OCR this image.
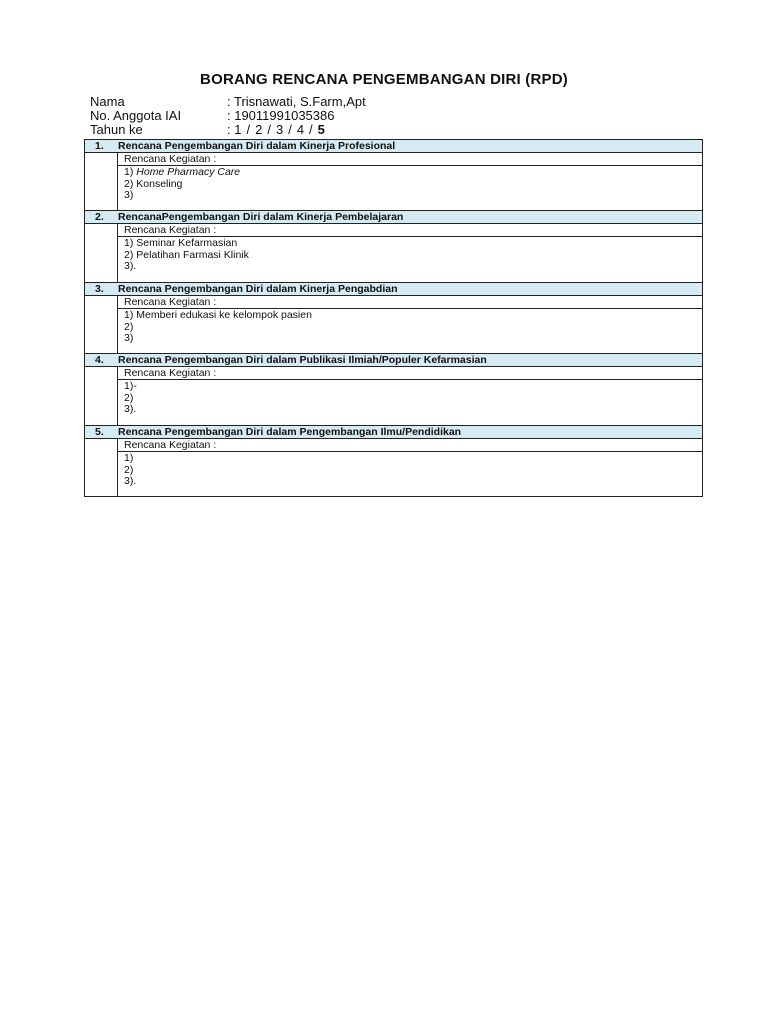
BORANG RENCANA PENGEMBANGAN DIRI (RPD)
Nama	: Trisnawati, S.Farm,Apt
No. Anggota IAI	: 19011991035386
Tahun ke	: 1 / 2 / 3 / 4 / 5
1. Rencana Pengembangan Diri dalam Kinerja Profesional
Rencana Kegiatan :
1) Home Pharmacy Care
2) Konseling
3)
2. RencanaPengembangan Diri dalam Kinerja Pembelajaran
Rencana Kegiatan :
1) Seminar Kefarmasian
2) Pelatihan Farmasi Klinik
3).
3. Rencana Pengembangan Diri dalam Kinerja Pengabdian
Rencana Kegiatan :
1) Memberi edukasi ke kelompok pasien
2)
3)
4. Rencana Pengembangan Diri dalam Publikasi Ilmiah/Populer Kefarmasian
Rencana Kegiatan :
1)-
2)
3).
5. Rencana Pengembangan Diri dalam Pengembangan Ilmu/Pendidikan
Rencana Kegiatan :
1)
2)
3).
